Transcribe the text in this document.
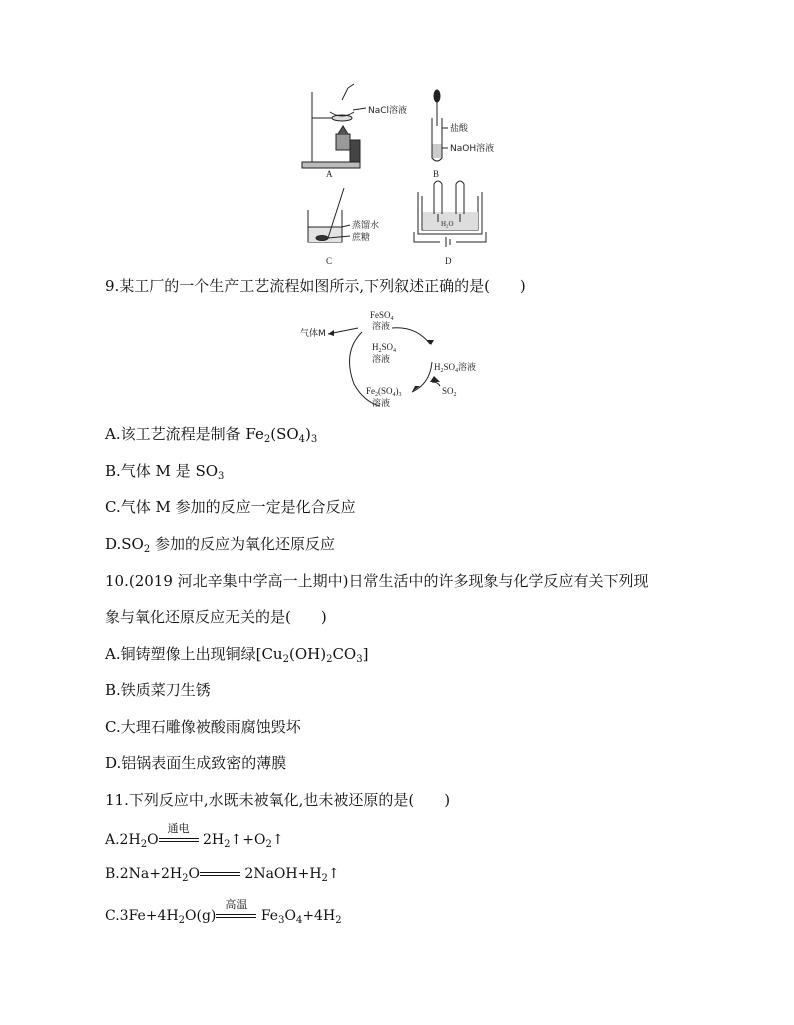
NaCl溶液
A
盐酸
NaOH溶液
B
蒸馏水
蔗糖
C
H₂O
D
9.某工厂的一个生产工艺流程如图所示,下列叙述正确的是(　　)
FeSO$_4$
溶液
气体M
$H_2SO_4$
溶液
$H_2SO_4$溶液
$SO_2$
$Fe_2(SO_4)_3$
溶液
A.该工艺流程是制备 $Fe_2(SO_4)_3$
B.气体 M 是 $SO_3$
C.气体 M 参加的反应一定是化合反应
$D.SO_2$ 参加的反应为氧化还原反应
10.(2019 河北辛集中学高一上期中)日常生活中的许多现象与化学反应有关下列现
象与氧化还原反应无关的是(　　)
A.铜铸塑像上出现铜绿$[Cu_2(OH)_2CO_3]$
B.铁质菜刀生锈
C.大理石雕像被酸雨腐蚀毁坏
D.铝锅表面生成致密的薄膜
11.下列反应中,水既未被氧化,也未被还原的是(　　)
$A.2H_2O$
通电
$2H_2↑+O_2↑$
$B.2Na+2H_2O$	$2NaOH+H_2↑$
$C.3Fe+4H_2O(g)$
高温
$Fe_3O_4+4H_2$
